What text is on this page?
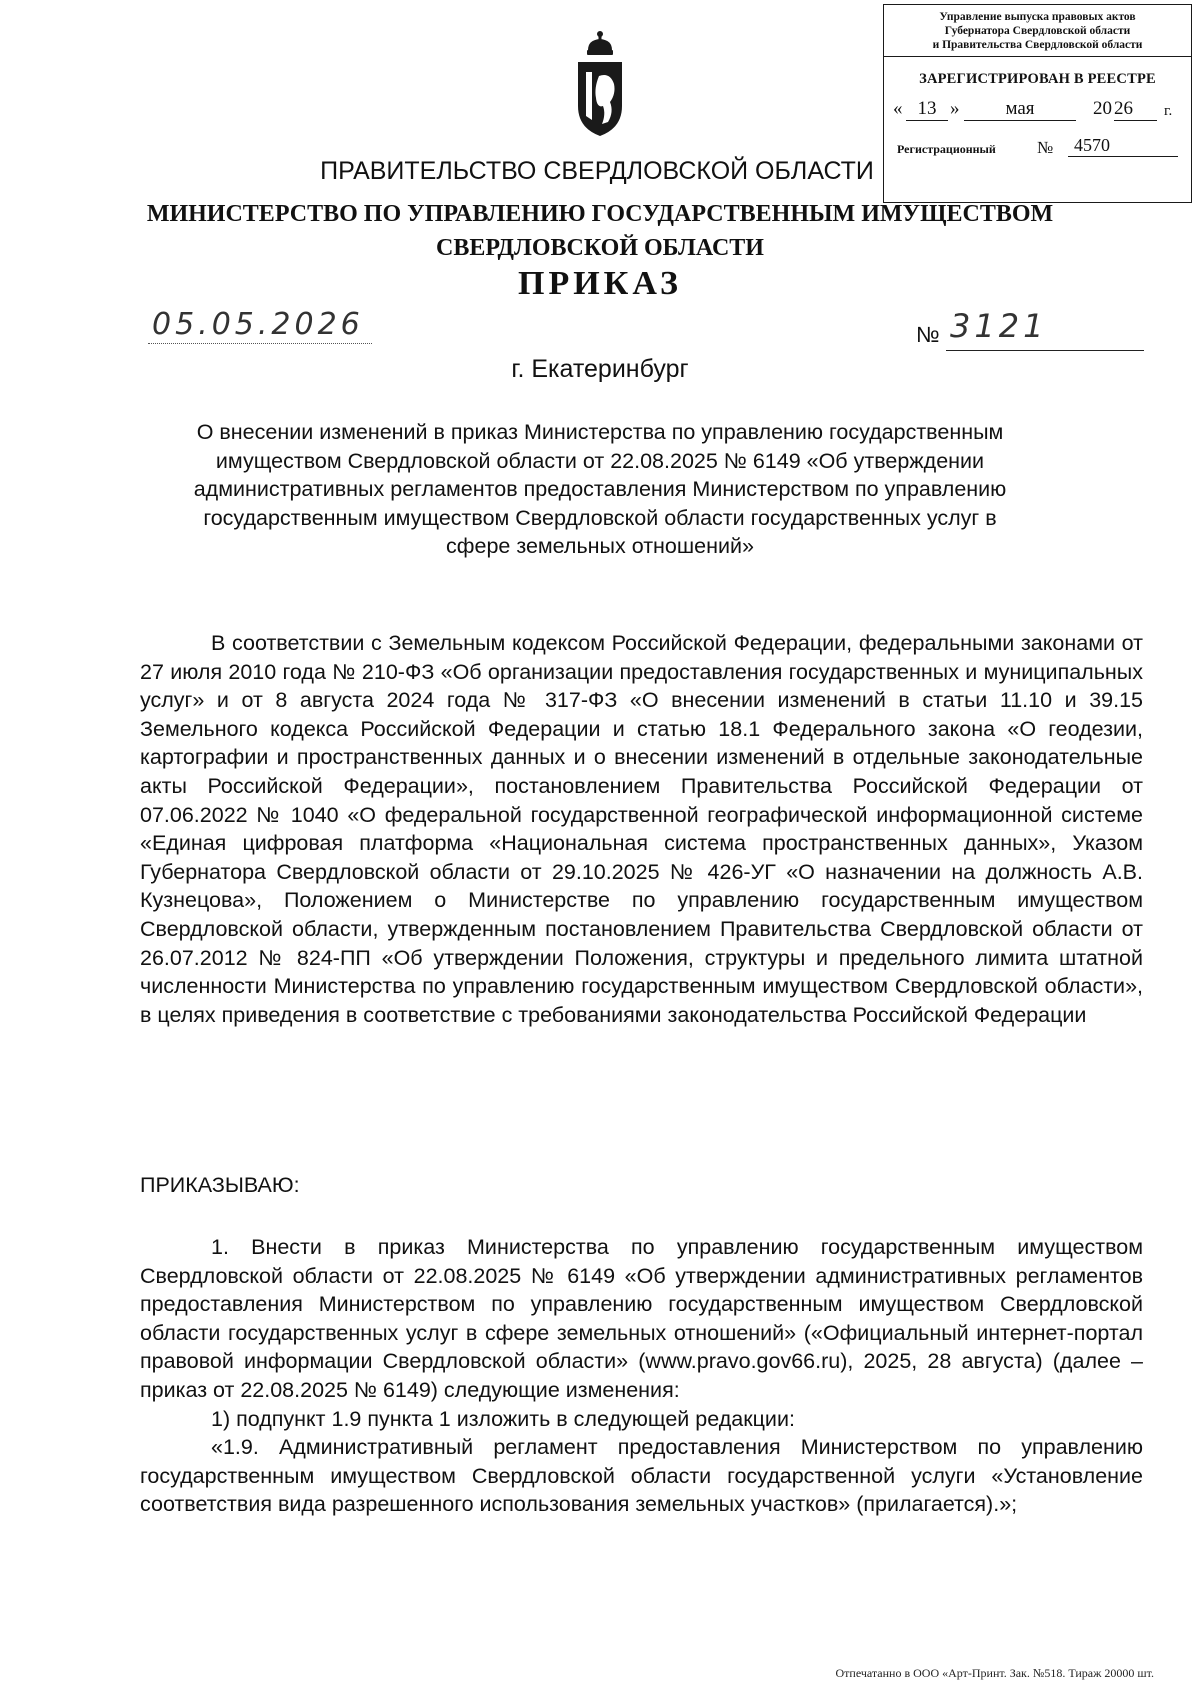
Управление выпуска правовых актов
Губернатора Свердловской области
и Правительства Свердловской области
ЗАРЕГИСТРИРОВАН В РЕЕСТРЕ
« 13 »	мая	20 26	г.
Регистрационный №	4570
ПРАВИТЕЛЬСТВО СВЕРДЛОВСКОЙ ОБЛАСТИ
МИНИСТЕРСТВО ПО УПРАВЛЕНИЮ ГОСУДАРСТВЕННЫМ ИМУЩЕСТВОМ
СВЕРДЛОВСКОЙ ОБЛАСТИ
ПРИКАЗ
05.05.2026	№ 3121
г. Екатеринбург
О внесении изменений в приказ Министерства по управлению государственным имуществом Свердловской области от 22.08.2025 № 6149 «Об утверждении административных регламентов предоставления Министерством по управлению государственным имуществом Свердловской области государственных услуг в сфере земельных отношений»

В соответствии с Земельным кодексом Российской Федерации, федеральными законами от 27 июля 2010 года № 210-ФЗ «Об организации предоставления государственных и муниципальных услуг» и от 8 августа 2024 года № 317-ФЗ «О внесении изменений в статьи 11.10 и 39.15 Земельного кодекса Российской Федерации и статью 18.1 Федерального закона «О геодезии, картографии и пространственных данных и о внесении изменений в отдельные законодательные акты Российской Федерации», постановлением Правительства Российской Федерации от 07.06.2022 № 1040 «О федеральной государственной географической информационной системе «Единая цифровая платформа «Национальная система пространственных данных», Указом Губернатора Свердловской области от 29.10.2025 № 426-УГ «О назначении на должность А.В. Кузнецова», Положением о Министерстве по управлению государственным имуществом Свердловской области, утвержденным постановлением Правительства Свердловской области от 26.07.2012 № 824-ПП «Об утверждении Положения, структуры и предельного лимита штатной численности Министерства по управлению государственным имуществом Свердловской области», в целях приведения в соответствие с требованиями законодательства Российской Федерации

ПРИКАЗЫВАЮ:

1. Внести в приказ Министерства по управлению государственным имуществом Свердловской области от 22.08.2025 № 6149 «Об утверждении административных регламентов предоставления Министерством по управлению государственным имуществом Свердловской области государственных услуг в сфере земельных отношений» («Официальный интернет-портал правовой информации Свердловской области» (www.pravo.gov66.ru), 2025, 28 августа) (далее – приказ от 22.08.2025 № 6149) следующие изменения:

1) подпункт 1.9 пункта 1 изложить в следующей редакции:

«1.9. Административный регламент предоставления Министерством по управлению государственным имуществом Свердловской области государственной услуги «Установление соответствия вида разрешенного использования земельных участков» (прилагается).»;

Отпечатанно в ООО «Арт-Принт. Зак. №518. Тираж 20000 шт.
